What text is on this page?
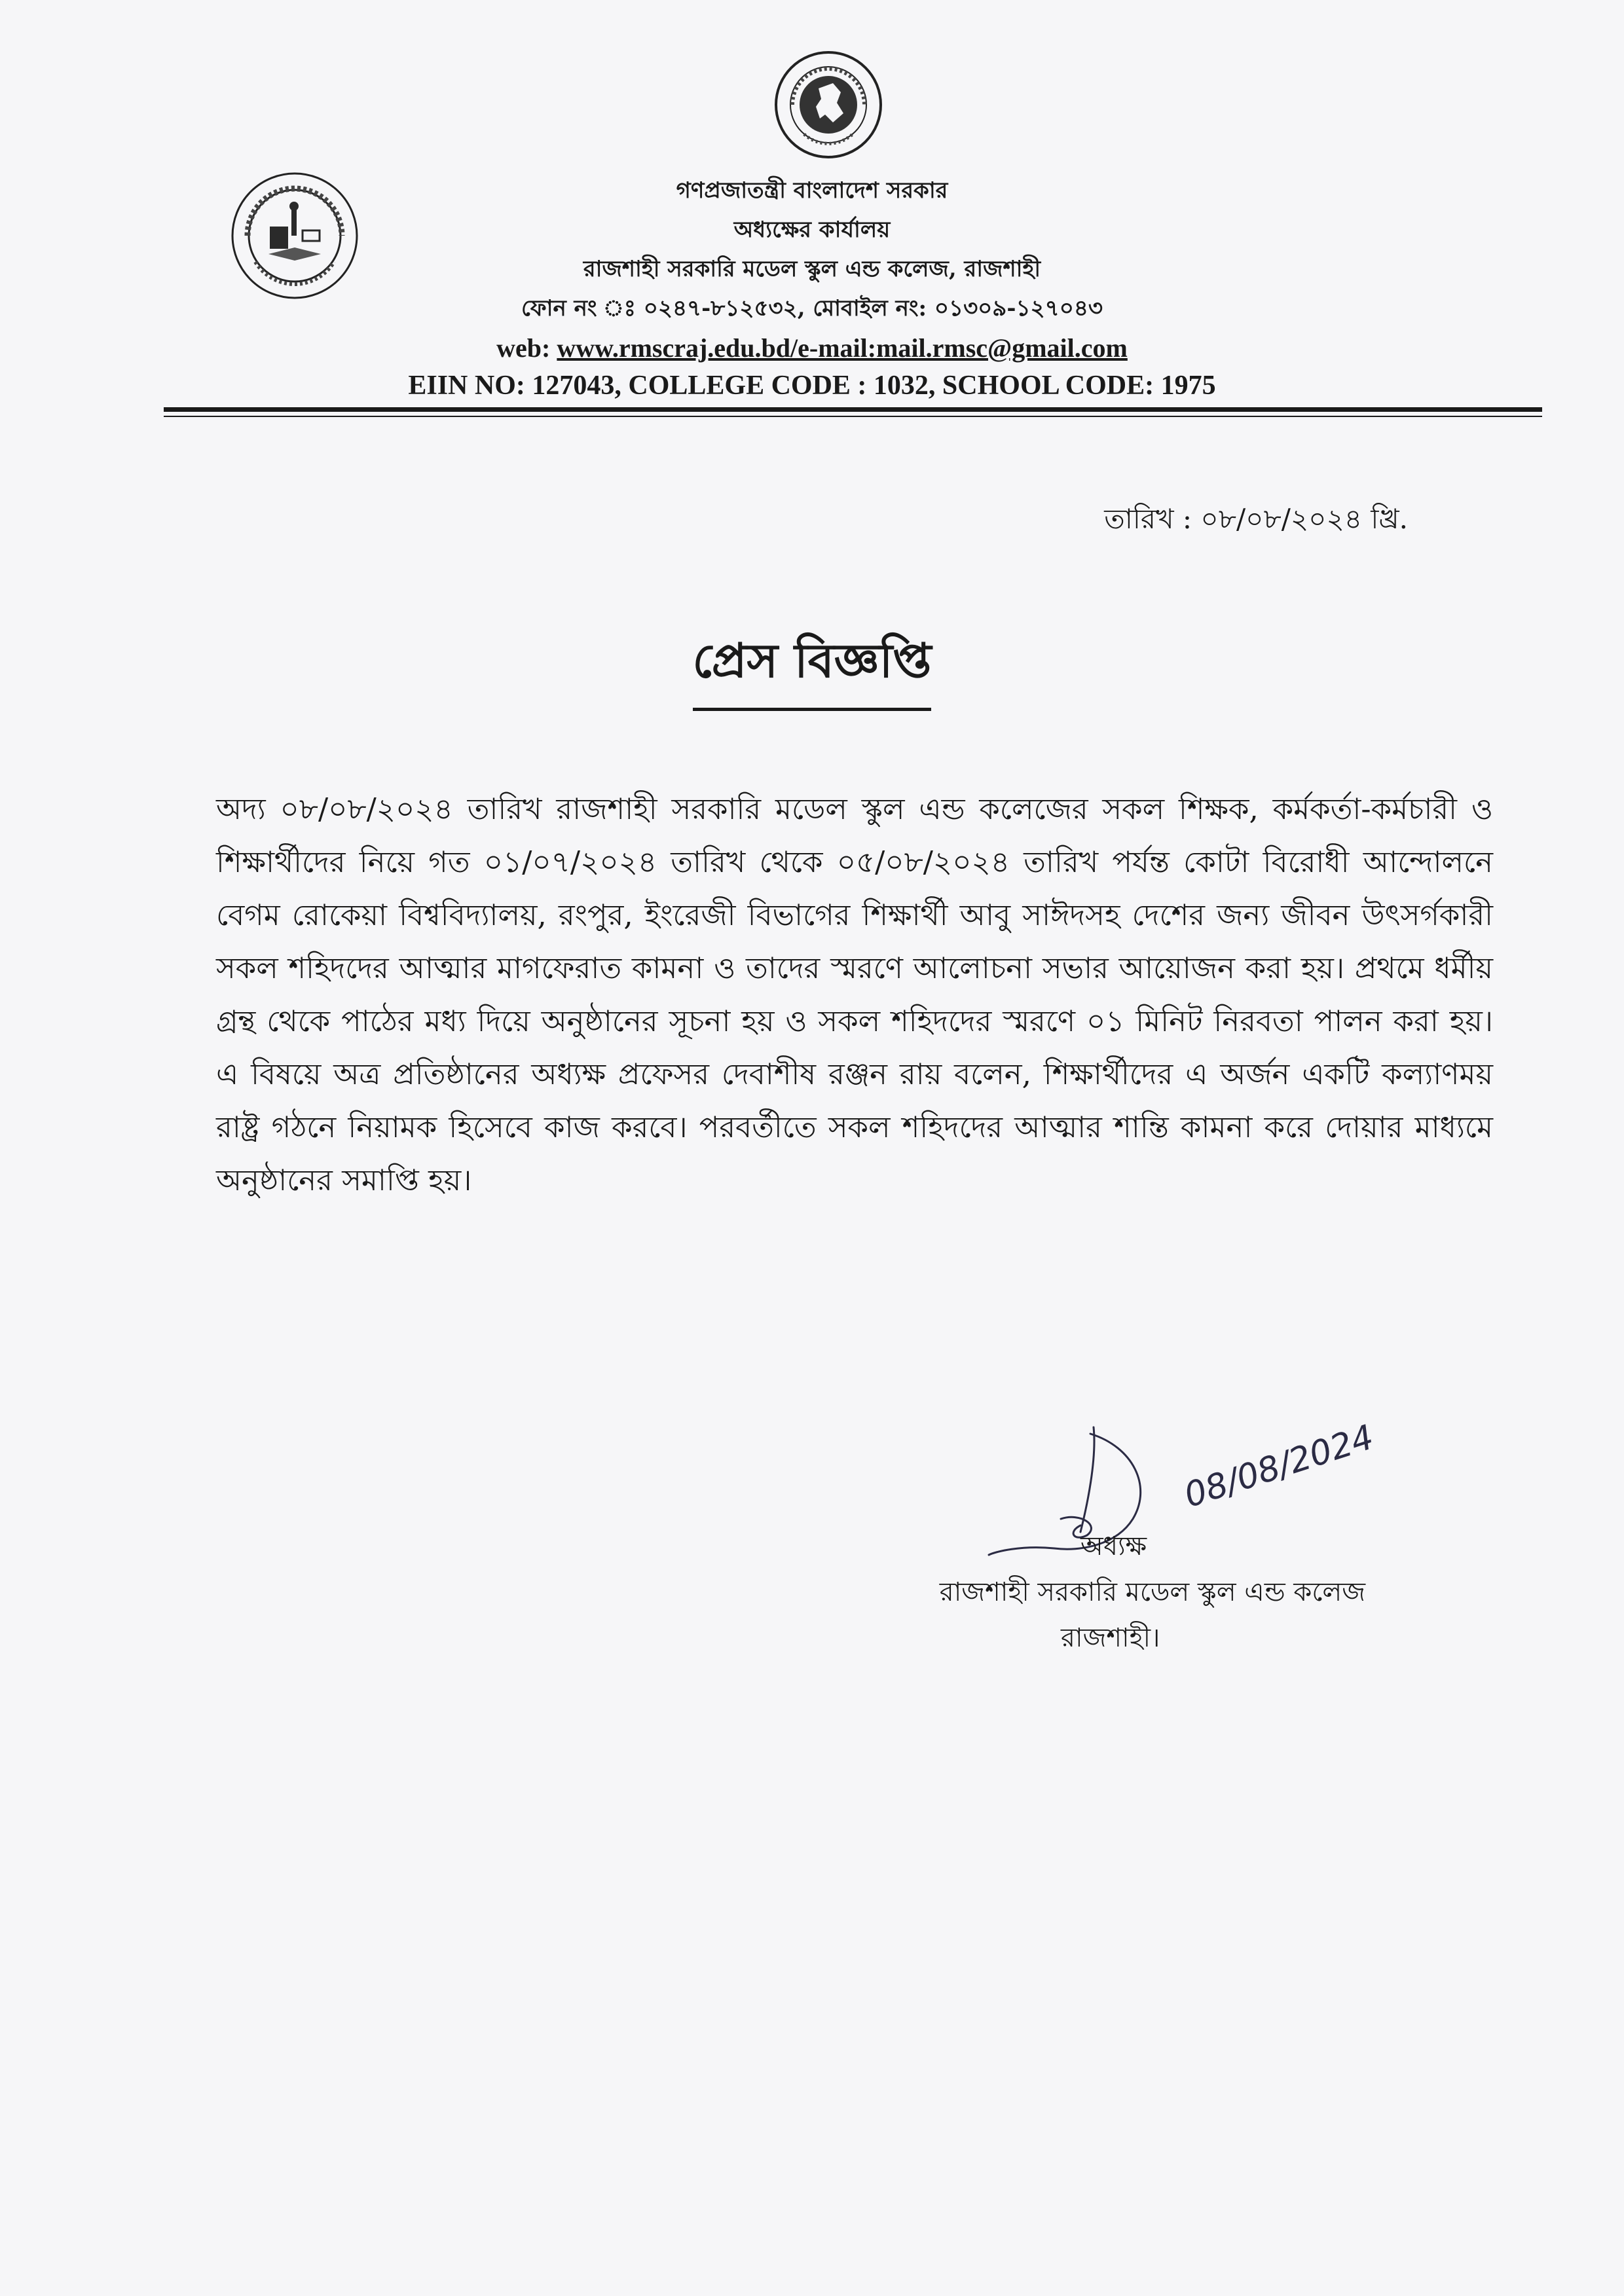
গণপ্রজাতন্ত্রী বাংলাদেশ সরকার
অধ্যক্ষের কার্যালয়
রাজশাহী সরকারি মডেল স্কুল এন্ড কলেজ, রাজশাহী
ফোন নং ঃ ০২৪৭-৮১২৫৩২, মোবাইল নং: ০১৩০৯-১২৭০৪৩
web: www.rmscraj.edu.bd/e-mail:mail.rmsc@gmail.com
EIIN NO: 127043, COLLEGE CODE : 1032, SCHOOL CODE: 1975
তারিখ : ০৮/০৮/২০২৪ খ্রি.
প্রেস বিজ্ঞপ্তি
অদ্য ০৮/০৮/২০২৪ তারিখ রাজশাহী সরকারি মডেল স্কুল এন্ড কলেজের সকল শিক্ষক, কর্মকর্তা-কর্মচারী ও শিক্ষার্থীদের নিয়ে গত ০১/০৭/২০২৪ তারিখ থেকে ০৫/০৮/২০২৪ তারিখ পর্যন্ত কোটা বিরোধী আন্দোলনে বেগম রোকেয়া বিশ্ববিদ্যালয়, রংপুর, ইংরেজী বিভাগের শিক্ষার্থী আবু সাঈদসহ দেশের জন্য জীবন উৎসর্গকারী সকল শহিদদের আত্মার মাগফেরাত কামনা ও তাদের স্মরণে আলোচনা সভার আয়োজন করা হয়। প্রথমে ধর্মীয় গ্রন্থ থেকে পাঠের মধ্য দিয়ে অনুষ্ঠানের সূচনা হয় ও সকল শহিদদের স্মরণে ০১ মিনিট নিরবতা পালন করা হয়। এ বিষয়ে অত্র প্রতিষ্ঠানের অধ্যক্ষ প্রফেসর দেবাশীষ রঞ্জন রায় বলেন, শিক্ষার্থীদের এ অর্জন একটি কল্যাণময় রাষ্ট্র গঠনে নিয়ামক হিসেবে কাজ করবে। পরবর্তীতে সকল শহিদদের আত্মার শান্তি কামনা করে দোয়ার মাধ্যমে অনুষ্ঠানের সমাপ্তি হয়।
08/08/2024
অধ্যক্ষ
রাজশাহী সরকারি মডেল স্কুল এন্ড কলেজ
রাজশাহী।
